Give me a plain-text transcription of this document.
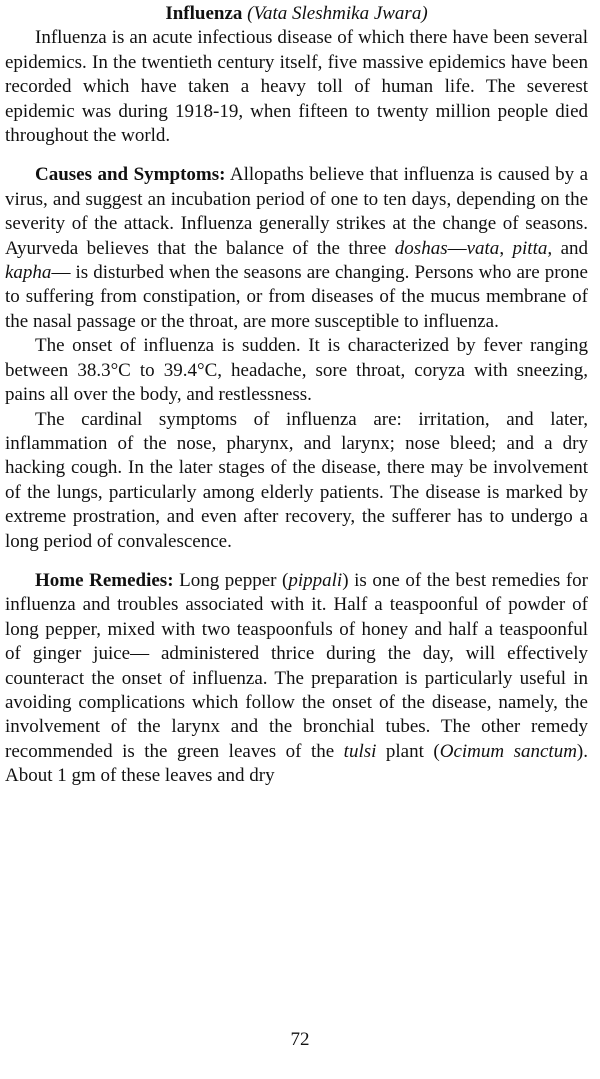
Influenza (Vata Sleshmika Jwara)

Influenza is an acute infectious disease of which there have been several epidemics. In the twentieth century itself, five massive epidemics have been recorded which have taken a heavy toll of human life. The severest epidemic was during 1918-19, when fifteen to twenty million people died throughout the world.

Causes and Symptoms: Allopaths believe that influenza is caused by a virus, and suggest an incubation period of one to ten days, depending on the severity of the attack. Influenza generally strikes at the change of seasons. Ayurveda believes that the balance of the three doshas—vata, pitta, and kapha— is disturbed when the seasons are changing. Persons who are prone to suffering from constipation, or from diseases of the mucus membrane of the nasal passage or the throat, are more susceptible to influenza.

The onset of influenza is sudden. It is characterized by fever ranging between 38.3°C to 39.4°C, headache, sore throat, coryza with sneezing, pains all over the body, and restlessness.

The cardinal symptoms of influenza are: irritation, and later, inflammation of the nose, pharynx, and larynx; nose bleed; and a dry hacking cough. In the later stages of the disease, there may be involvement of the lungs, particularly among elderly patients. The disease is marked by extreme prostration, and even after recovery, the sufferer has to undergo a long period of convalescence.

Home Remedies: Long pepper (pippali) is one of the best remedies for influenza and troubles associated with it. Half a teaspoonful of powder of long pepper, mixed with two teaspoonfuls of honey and half a teaspoonful of ginger juice— administered thrice during the day, will effectively counteract the onset of influenza. The preparation is particularly useful in avoiding complications which follow the onset of the disease, namely, the involvement of the larynx and the bronchial tubes. The other remedy recommended is the green leaves of the tulsi plant (Ocimum sanctum). About 1 gm of these leaves and dry

72
